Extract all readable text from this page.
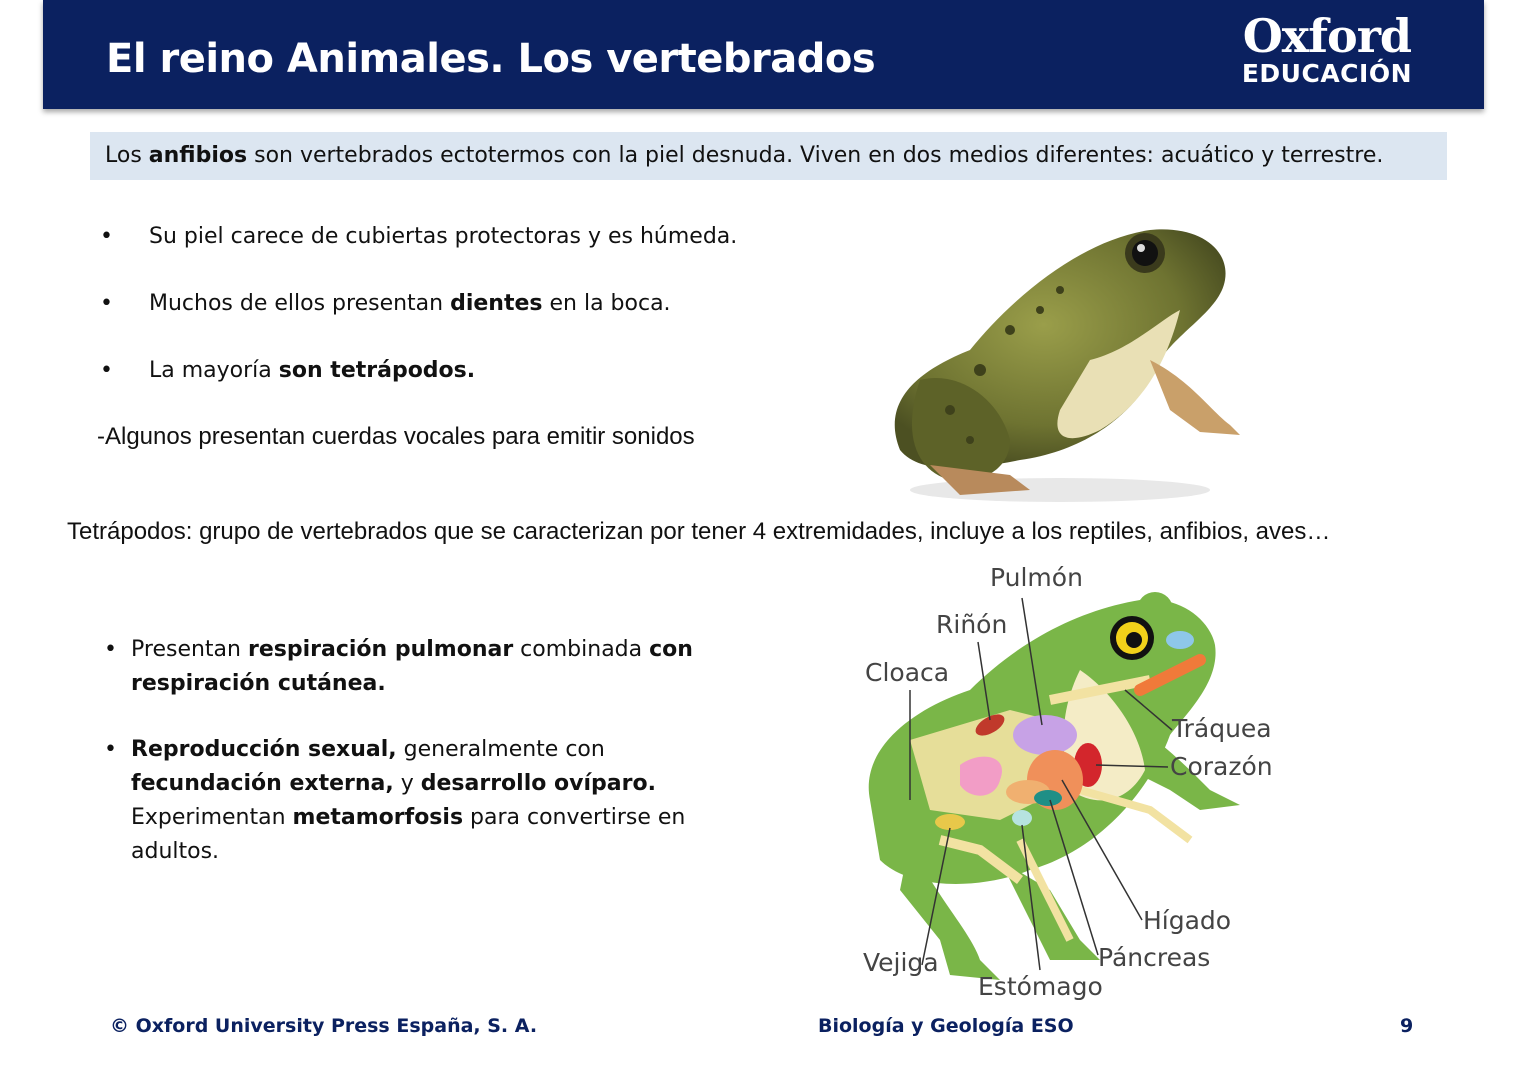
El reino Animales. Los vertebrados	Oxford
EDUCACIÓN
Los anfibios son vertebrados ectotermos con la piel desnuda. Viven en dos medios diferentes: acuático y terrestre.
•	Su piel carece de cubiertas protectoras y es húmeda.
•	Muchos de ellos presentan dientes en la boca.
•	La mayoría son tetrápodos.
-Algunos presentan cuerdas vocales para emitir sonidos
Tetrápodos: grupo de vertebrados que se caracterizan por tener 4 extremidades, incluye a los reptiles, anfibios, aves…
• Presentan respiración pulmonar combinada con respiración cutánea.
• Reproducción sexual, generalmente con fecundación externa, y desarrollo ovíparo. Experimentan metamorfosis para convertirse en adultos.
Pulmón
Riñón
Cloaca
Tráquea
Corazón
Hígado
Páncreas
Vejiga
Estómago
© Oxford University Press España, S. A.	Biología y Geología ESO	9
